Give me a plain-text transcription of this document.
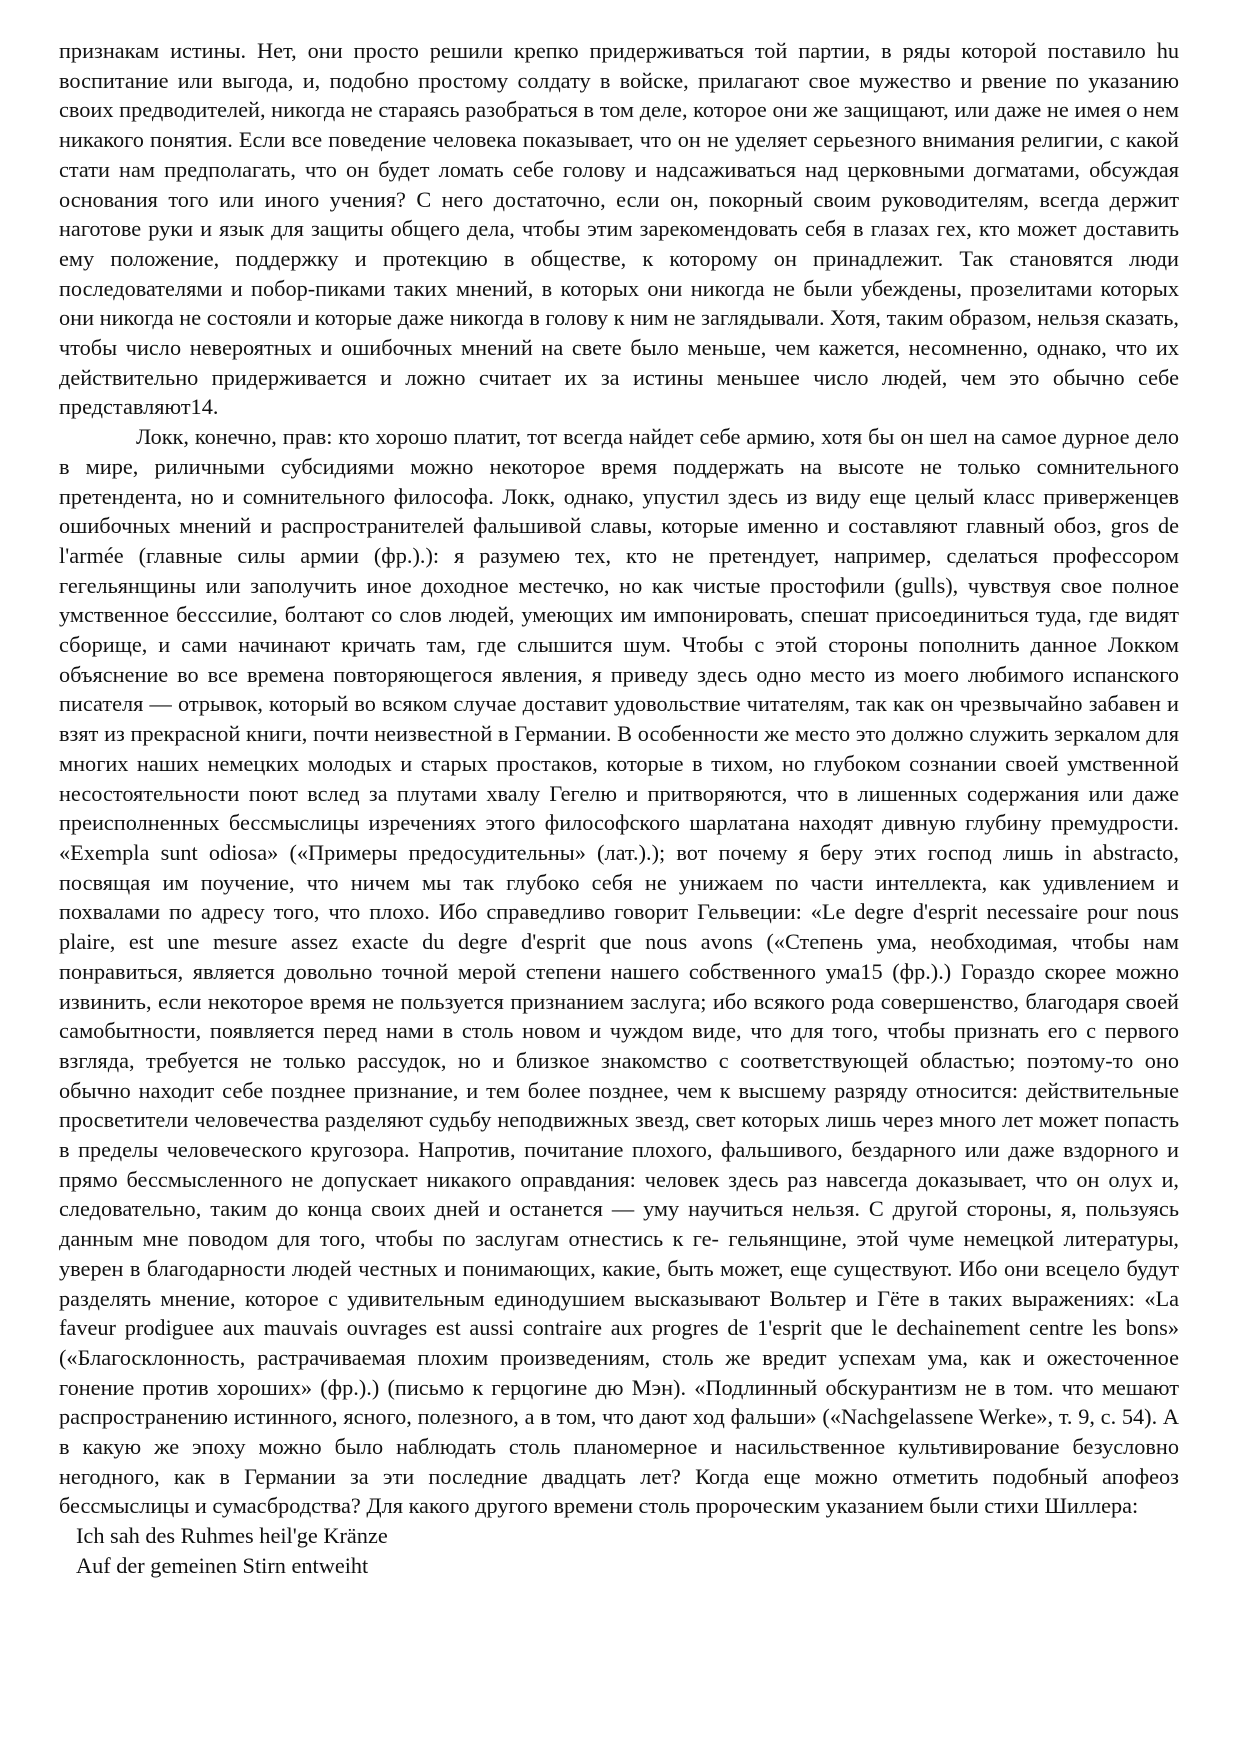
признакам истины. Нет, они просто решили крепко придерживаться той партии, в ряды которой поставило hu воспитание или выгода, и, подобно простому солдату в войске, прилагают свое мужество и рвение по указанию своих предводителей, никогда не стараясь разобраться в том деле, которое они же защищают, или даже не имея о нем никакого понятия. Если все поведение человека показывает, что он не уделяет серьезного внимания религии, с какой стати нам предполагать, что он будет ломать себе голову и надсаживаться над церковными догматами, обсуждая основания того или иного учения? С него достаточно, если он, покорный своим руководителям, всегда держит наготове руки и язык для защиты общего дела, чтобы этим зарекомендовать себя в глазах гех, кто может доставить ему положение, поддержку и протекцию в обществе, к которому он принадлежит. Так становятся люди последователями и побор-пиками таких мнений, в которых они никогда не были убеждены, прозелитами которых они никогда не состояли и которые даже никогда в голову к ним не заглядывали. Хотя, таким образом, нельзя сказать, чтобы число невероятных и ошибочных мнений на свете было меньше, чем кажется, несомненно, однако, что их действительно придерживается и ложно считает их за истины меньшее число людей, чем это обычно себе представляют14.

Локк, конечно, прав: кто хорошо платит, тот всегда найдет себе армию, хотя бы он шел на самое дурное дело в мире, риличными субсидиями можно некоторое время поддержать на высоте не только сомнительного претендента, но и сомнительного философа. Локк, однако, упустил здесь из виду еще целый класс приверженцев ошибочных мнений и распространителей фальшивой славы, которые именно и составляют главный обоз, gros de l'armée (главные силы армии (фр.).): я разумею тех, кто не претендует, например, сделаться профессором гегельянщины или заполучить иное доходное местечко, но как чистые простофили (gulls), чувствуя свое полное умственное бесссилие, болтают со слов людей, умеющих им импонировать, спешат присоединиться туда, где видят сборище, и сами начинают кричать там, где слышится шум. Чтобы с этой стороны пополнить данное Локком объяснение во все времена повторяющегося явления, я приведу здесь одно место из моего любимого испанского писателя — отрывок, который во всяком случае доставит удовольствие читателям, так как он чрезвычайно забавен и взят из прекрасной книги, почти неизвестной в Германии. В особенности же место это должно служить зеркалом для многих наших немецких молодых и старых простаков, которые в тихом, но глубоком сознании своей умственной несостоятельности поют вслед за плутами хвалу Гегелю и притворяются, что в лишенных содержания или даже преисполненных бессмыслицы изречениях этого философского шарлатана находят дивную глубину премудрости. «Exempla sunt odiosa» («Примеры предосудительны» (лат.).); вот почему я беру этих господ лишь in abstracto, посвящая им поучение, что ничем мы так глубоко себя не унижаем по части интеллекта, как удивлением и похвалами по адресу того, что плохо. Ибо справедливо говорит Гельвеции: «Le degre d'esprit necessaire pour nous plaire, est une mesure assez exacte du degre d'esprit que nous avons («Степень ума, необходимая, чтобы нам понравиться, является довольно точной мерой степени нашего собственного ума15 (фр.).) Гораздо скорее можно извинить, если некоторое время не пользуется признанием заслуга; ибо всякого рода совершенство, благодаря своей самобытности, появляется перед нами в столь новом и чуждом виде, что для того, чтобы признать его с первого взгляда, требуется не только рассудок, но и близкое знакомство с соответствующей областью; поэтому-то оно обычно находит себе позднее признание, и тем более позднее, чем к высшему разряду относится: действительные просветители человечества разделяют судьбу неподвижных звезд, свет которых лишь через много лет может попасть в пределы человеческого кругозора. Напротив, почитание плохого, фальшивого, бездарного или даже вздорного и прямо бессмысленного не допускает никакого оправдания: человек здесь раз навсегда доказывает, что он олух и, следовательно, таким до конца своих дней и останется — уму научиться нельзя. С другой стороны, я, пользуясь данным мне поводом для того, чтобы по заслугам отнестись к ге- гельянщине, этой чуме немецкой литературы, уверен в благодарности людей честных и понимающих, какие, быть может, еще существуют. Ибо они всецело будут разделять мнение, которое с удивительным единодушием высказывают Вольтер и Гёте в таких выражениях: «La faveur prodiguee aux mauvais ouvrages est aussi contraire aux progres de 1'esprit que le dechainement centre les bons» («Благосклонность, растрачиваемая плохим произведениям, столь же вредит успехам ума, как и ожесточенное гонение против хороших» (фр.).) (письмо к герцогине дю Мэн). «Подлинный обскурантизм не в том. что мешают распространению истинного, ясного, полезного, а в том, что дают ход фальши» («Nachgelassene Werke», т. 9, с. 54). А в какую же эпоху можно было наблюдать столь планомерное и насильственное культивирование безусловно негодного, как в Германии за эти последние двадцать лет? Когда еще можно отметить подобный апофеоз бессмыслицы и сумасбродства? Для какого другого времени столь пророческим указанием были стихи Шиллера:

Ich sah des Ruhmes heil'ge Kränze
Auf der gemeinen Stirn entweiht
